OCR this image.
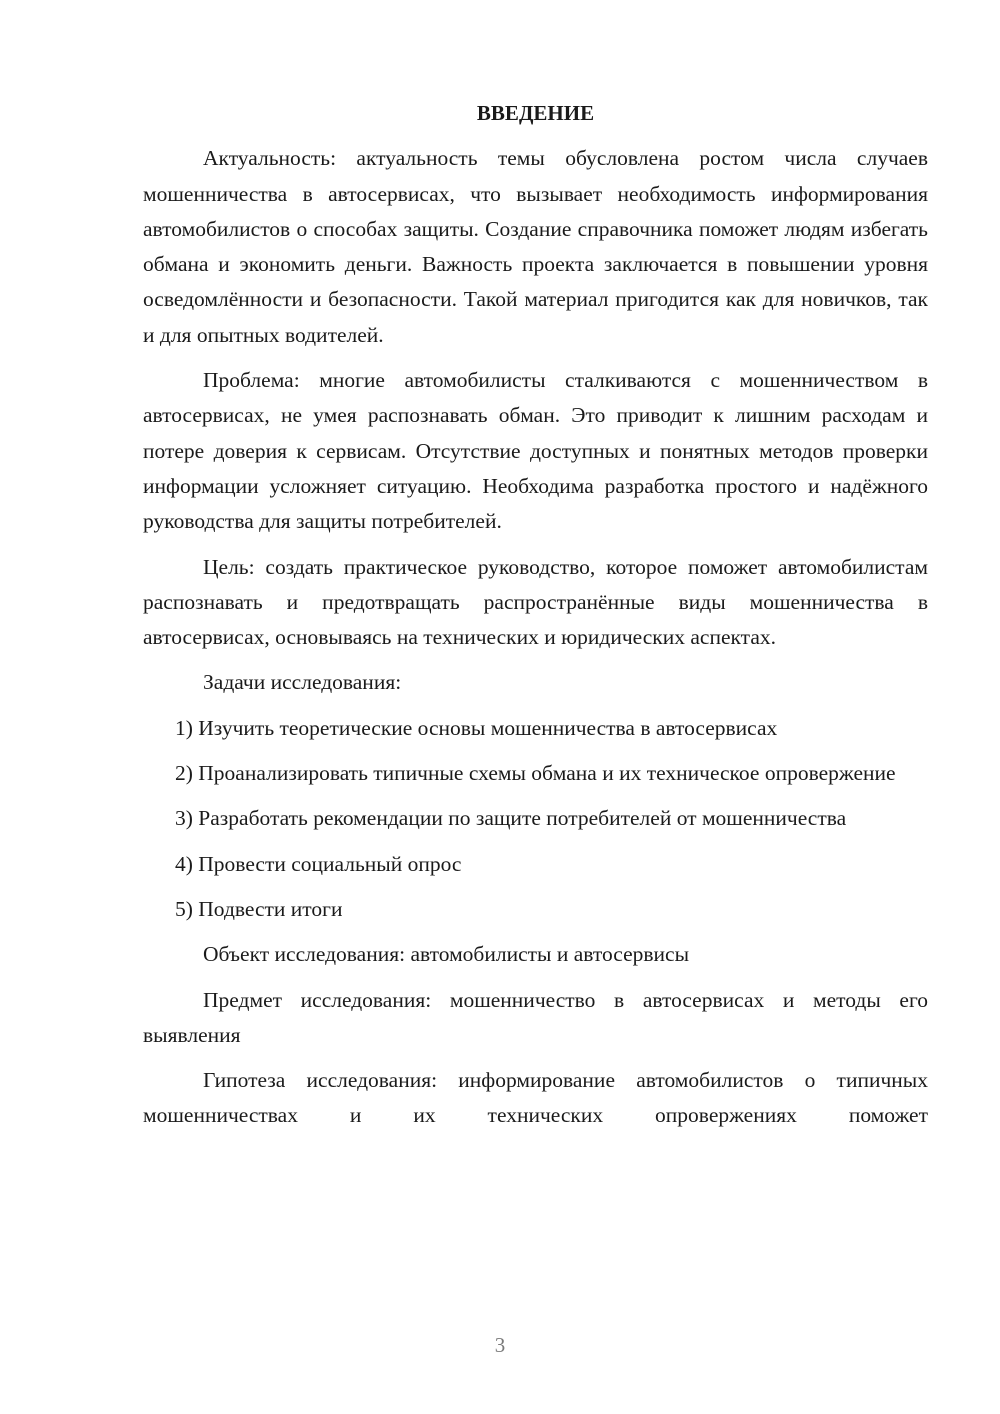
ВВЕДЕНИЕ
Актуальность: актуальность темы обусловлена ростом числа случаев мошенничества в автосервисах, что вызывает необходимость информирования автомобилистов о способах защиты. Создание справочника поможет людям избегать обмана и экономить деньги. Важность проекта заключается в повышении уровня осведомлённости и безопасности. Такой материал пригодится как для новичков, так и для опытных водителей.
Проблема: многие автомобилисты сталкиваются с мошенничеством в автосервисах, не умея распознавать обман. Это приводит к лишним расходам и потере доверия к сервисам. Отсутствие доступных и понятных методов проверки информации усложняет ситуацию. Необходима разработка простого и надёжного руководства для защиты потребителей.
Цель: создать практическое руководство, которое поможет автомобилистам распознавать и предотвращать распространённые виды мошенничества в автосервисах, основываясь на технических и юридических аспектах.
Задачи исследования:
1) Изучить теоретические основы мошенничества в автосервисах
2) Проанализировать типичные схемы обмана и их техническое опровержение
3) Разработать рекомендации по защите потребителей от мошенничества
4) Провести социальный опрос
5) Подвести итоги
Объект исследования: автомобилисты и автосервисы
Предмет исследования: мошенничество в автосервисах и методы его выявления
Гипотеза исследования: информирование автомобилистов о типичных мошенничествах и их технических опровержениях поможет
3
